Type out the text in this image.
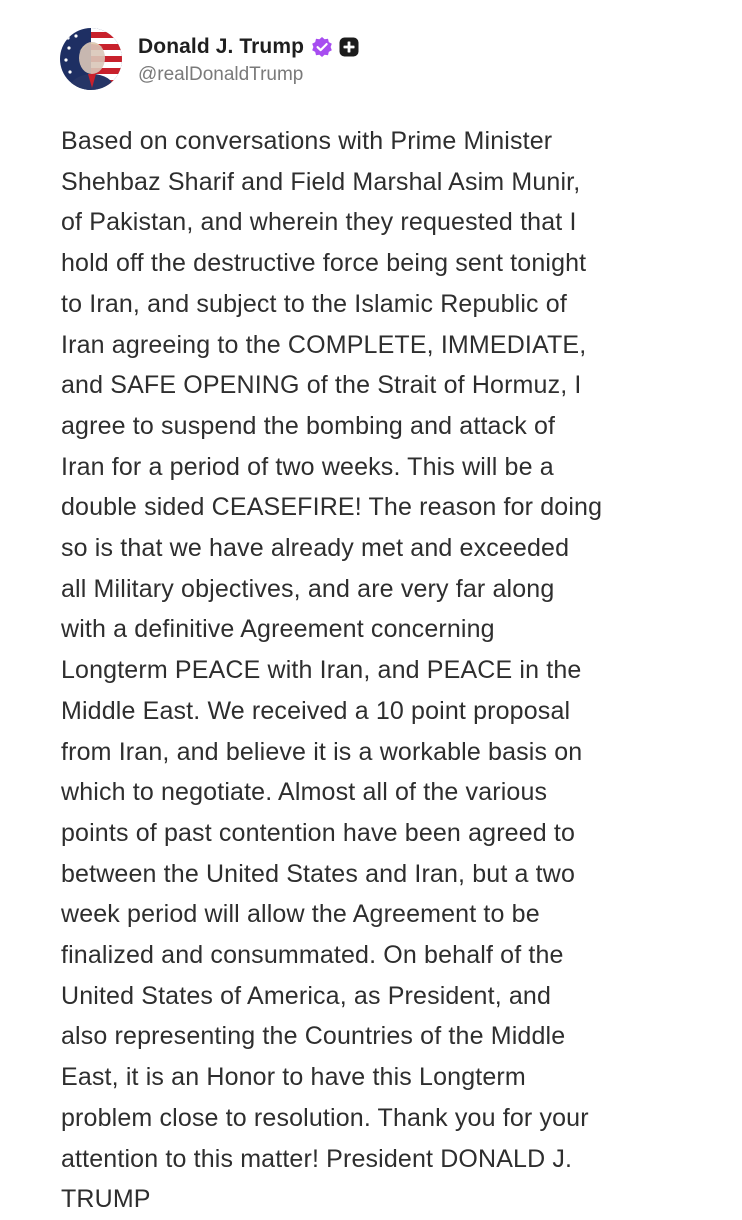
Donald J. Trump
@realDonaldTrump
Based on conversations with Prime Minister
Shehbaz Sharif and Field Marshal Asim Munir,
of Pakistan, and wherein they requested that I
hold off the destructive force being sent tonight
to Iran, and subject to the Islamic Republic of
Iran agreeing to the COMPLETE, IMMEDIATE,
and SAFE OPENING of the Strait of Hormuz, I
agree to suspend the bombing and attack of
Iran for a period of two weeks. This will be a
double sided CEASEFIRE! The reason for doing
so is that we have already met and exceeded
all Military objectives, and are very far along
with a definitive Agreement concerning
Longterm PEACE with Iran, and PEACE in the
Middle East. We received a 10 point proposal
from Iran, and believe it is a workable basis on
which to negotiate. Almost all of the various
points of past contention have been agreed to
between the United States and Iran, but a two
week period will allow the Agreement to be
finalized and consummated. On behalf of the
United States of America, as President, and
also representing the Countries of the Middle
East, it is an Honor to have this Longterm
problem close to resolution. Thank you for your
attention to this matter! President DONALD J.
TRUMP
